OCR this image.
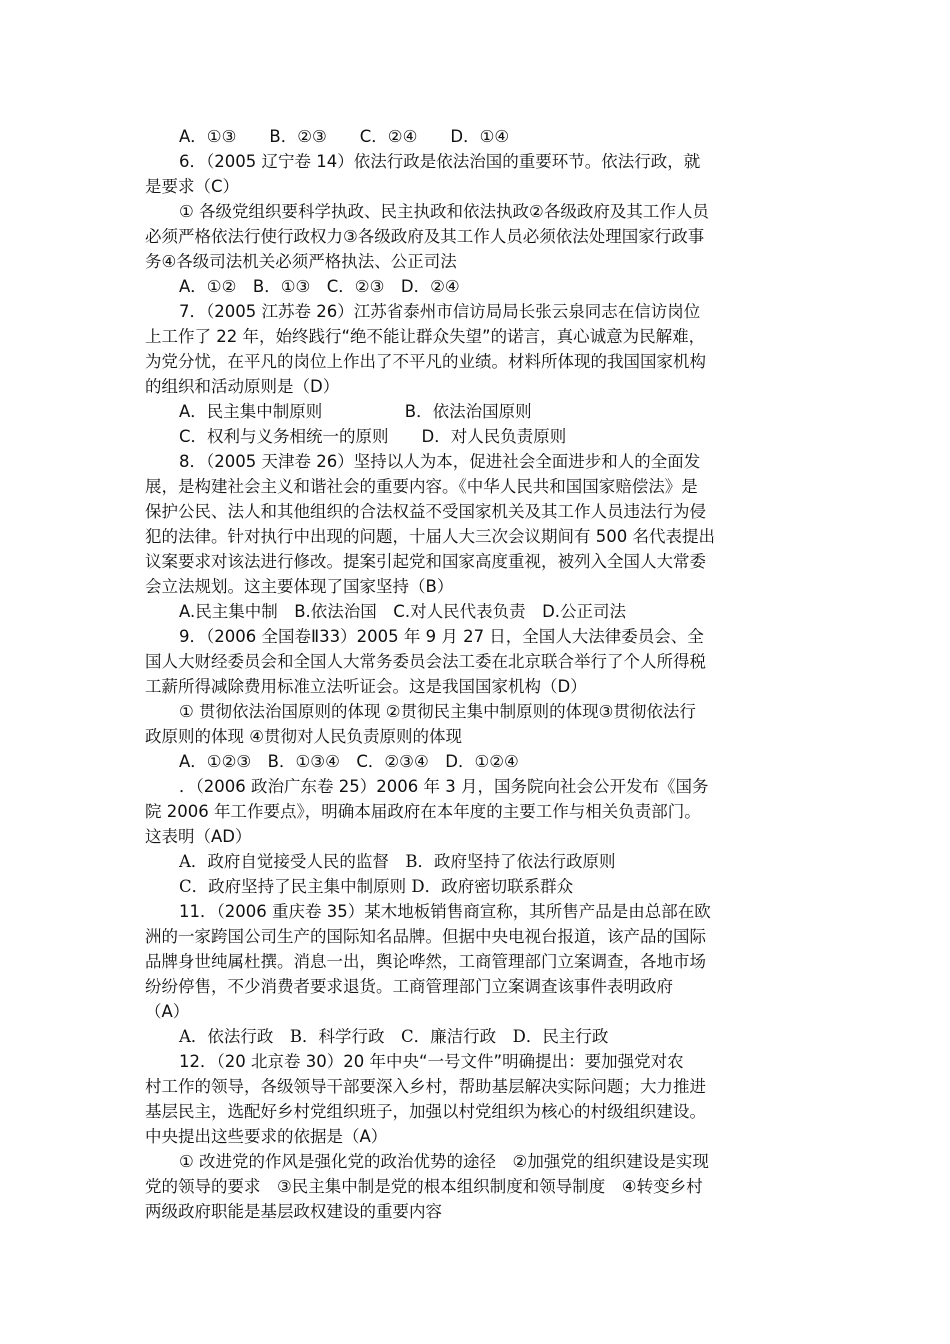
A．①③　　B．②③　　C．②④　　D．①④
6．（2005 辽宁卷 14）依法行政是依法治国的重要环节。依法行政，就
是要求（C）
① 各级党组织要科学执政、民主执政和依法执政②各级政府及其工作人员
必须严格依法行使行政权力③各级政府及其工作人员必须依法处理国家行政事
务④各级司法机关必须严格执法、公正司法
A．①②　B．①③　C．②③　D．②④
7．（2005 江苏卷 26）江苏省泰州市信访局局长张云泉同志在信访岗位
上工作了 22 年，始终践行“绝不能让群众失望”的诺言，真心诚意为民解难，
为党分忧，在平凡的岗位上作出了不平凡的业绩。材料所体现的我国国家机构
的组织和活动原则是（D）
A．民主集中制原则　　　　　B．依法治国原则
C．权利与义务相统一的原则　　D．对人民负责原则
8．（2005 天津卷 26）坚持以人为本，促进社会全面进步和人的全面发
展，是构建社会主义和谐社会的重要内容。《中华人民共和国国家赔偿法》是
保护公民、法人和其他组织的合法权益不受国家机关及其工作人员违法行为侵
犯的法律。针对执行中出现的问题，十届人大三次会议期间有 500 名代表提出
议案要求对该法进行修改。提案引起党和国家高度重视，被列入全国人大常委
会立法规划。这主要体现了国家坚持（B）
A.民主集中制　B.依法治国　C.对人民代表负责　D.公正司法
9．（2006 全国卷Ⅱ33）2005 年 9 月 27 日，全国人大法律委员会、全
国人大财经委员会和全国人大常务委员会法工委在北京联合举行了个人所得税
工薪所得减除费用标准立法听证会。这是我国国家机构（D）
① 贯彻依法治国原则的体现 ②贯彻民主集中制原则的体现③贯彻依法行
政原则的体现 ④贯彻对人民负责原则的体现
A．①②③　B．①③④　C．②③④　D．①②④
．（2006 政治广东卷 25）2006 年 3 月，国务院向社会公开发布《国务
院 2006 年工作要点》，明确本届政府在本年度的主要工作与相关负责部门。
这表明（AD）
A．政府自觉接受人民的监督　B．政府坚持了依法行政原则
C．政府坚持了民主集中制原则 D．政府密切联系群众
11．（2006 重庆卷 35）某木地板销售商宣称，其所售产品是由总部在欧
洲的一家跨国公司生产的国际知名品牌。但据中央电视台报道，该产品的国际
品牌身世纯属杜撰。消息一出，舆论哗然，工商管理部门立案调查，各地市场
纷纷停售，不少消费者要求退货。工商管理部门立案调查该事件表明政府
（A）
A．依法行政　B．科学行政　C．廉洁行政　D．民主行政
12．（20 北京卷 30）20 年中央“一号文件”明确提出：要加强党对农
村工作的领导，各级领导干部要深入乡村，帮助基层解决实际问题；大力推进
基层民主，选配好乡村党组织班子，加强以村党组织为核心的村级组织建设。
中央提出这些要求的依据是（A）
① 改进党的作风是强化党的政治优势的途径　②加强党的组织建设是实现
党的领导的要求　③民主集中制是党的根本组织制度和领导制度　④转变乡村
两级政府职能是基层政权建设的重要内容
